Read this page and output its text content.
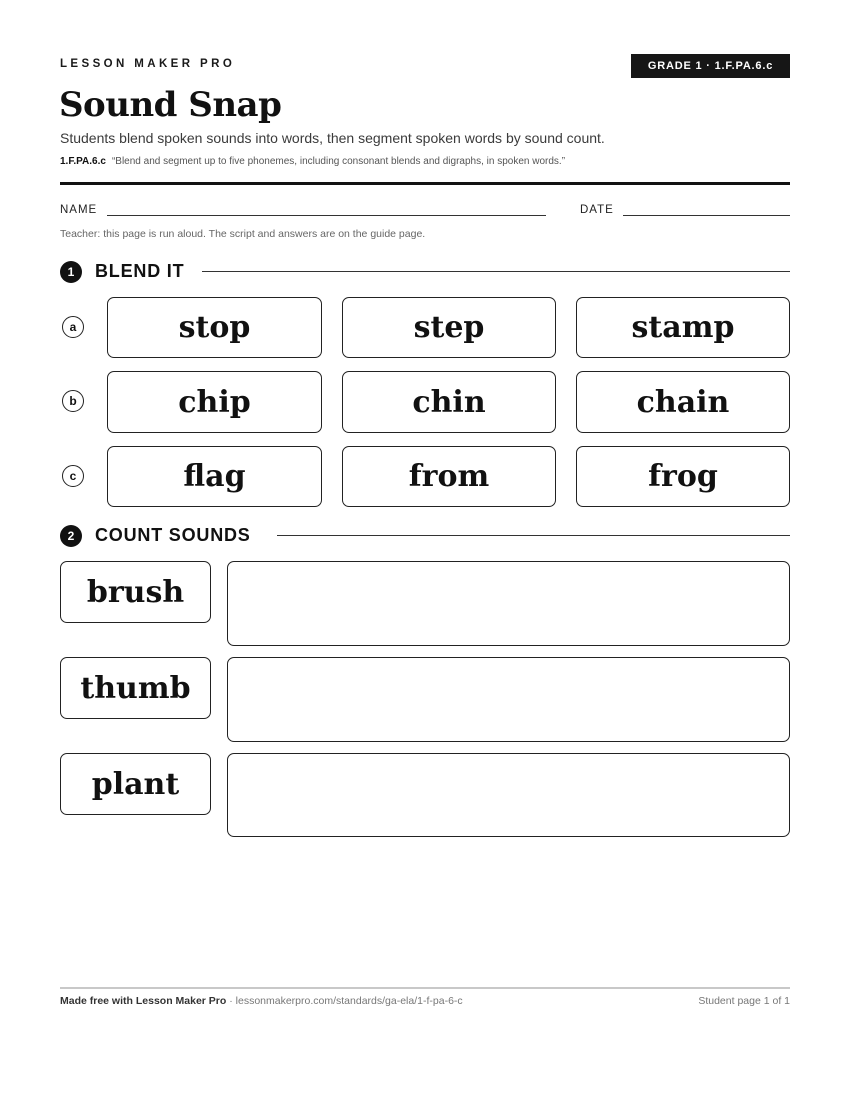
LESSON MAKER PRO	GRADE 1 · 1.F.PA.6.c
Sound Snap
Students blend spoken sounds into words, then segment spoken words by sound count.
1.F.PA.6.c “Blend and segment up to five phonemes, including consonant blends and digraphs, in spoken words.”
NAME	DATE
Teacher: this page is run aloud. The script and answers are on the guide page.
1	BLEND IT
a	stop	step	stamp
b	chip	chin	chain
c	flag	from	frog
2	COUNT SOUNDS
brush
thumb
plant
Made free with Lesson Maker Pro · lessonmakerpro.com/standards/ga-ela/1-f-pa-6-c	Student page 1 of 1
